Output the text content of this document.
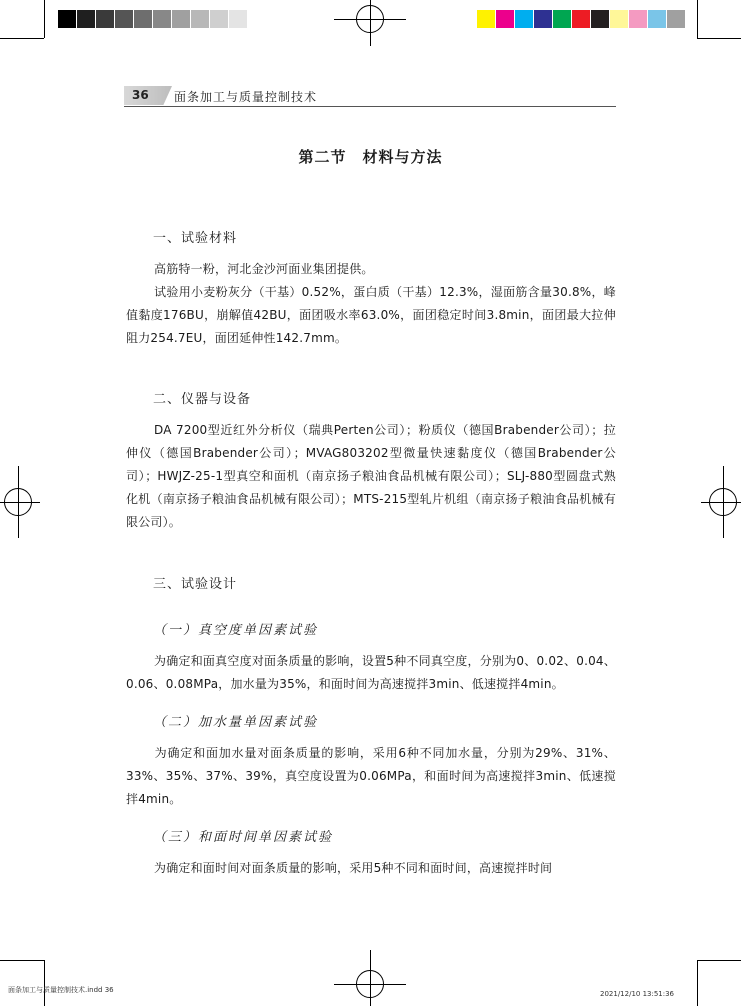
36 面条加工与质量控制技术
第二节 材料与方法
一、试验材料
高筋特一粉，河北金沙河面业集团提供。
试验用小麦粉灰分（干基）0.52%，蛋白质（干基）12.3%，湿面筋含量30.8%，峰值黏度176BU，崩解值42BU，面团吸水率63.0%，面团稳定时间3.8min，面团最大拉伸阻力254.7EU，面团延伸性142.7mm。
二、仪器与设备
DA 7200型近红外分析仪（瑞典Perten公司）；粉质仪（德国Brabender公司）；拉伸仪（德国Brabender公司）；MVAG803202型微量快速黏度仪（德国Brabender公司）；HWJZ-25-1型真空和面机（南京扬子粮油食品机械有限公司）；SLJ-880型圆盘式熟化机（南京扬子粮油食品机械有限公司）；MTS-215型轧片机组（南京扬子粮油食品机械有限公司）。
三、试验设计
（一）真空度单因素试验
为确定和面真空度对面条质量的影响，设置5种不同真空度，分别为0、0.02、0.04、0.06、0.08MPa，加水量为35%，和面时间为高速搅拌3min、低速搅拌4min。
（二）加水量单因素试验
为确定和面加水量对面条质量的影响，采用6种不同加水量，分别为29%、31%、33%、35%、37%、39%，真空度设置为0.06MPa，和面时间为高速搅拌3min、低速搅拌4min。
（三）和面时间单因素试验
为确定和面时间对面条质量的影响，采用5种不同和面时间，高速搅拌时间
面条加工与质量控制技术.indd 36	2021/12/10 13:51:36
